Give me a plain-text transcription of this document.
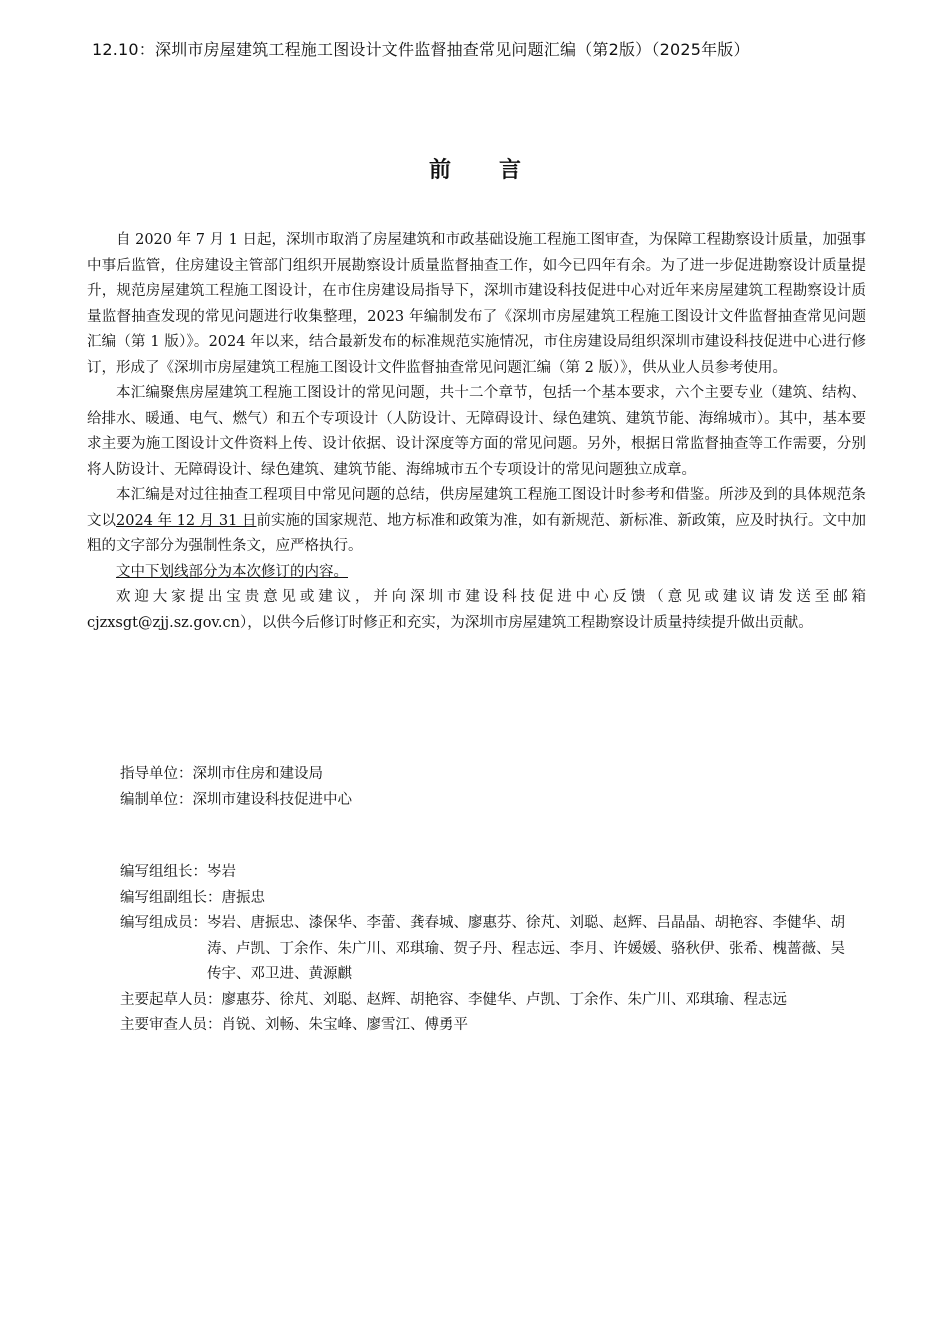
12.10：深圳市房屋建筑工程施工图设计文件监督抽查常见问题汇编（第2版）（2025年版）
前言

自 2020 年 7 月 1 日起，深圳市取消了房屋建筑和市政基础设施工程施工图审查，为保障工程勘察设计质量，加强事中事后监管，住房建设主管部门组织开展勘察设计质量监督抽查工作，如今已四年有余。为了进一步促进勘察设计质量提升，规范房屋建筑工程施工图设计，在市住房建设局指导下，深圳市建设科技促进中心对近年来房屋建筑工程勘察设计质量监督抽查发现的常见问题进行收集整理，2023 年编制发布了《深圳市房屋建筑工程施工图设计文件监督抽查常见问题汇编（第 1 版）》。2024 年以来，结合最新发布的标准规范实施情况，市住房建设局组织深圳市建设科技促进中心进行修订，形成了《深圳市房屋建筑工程施工图设计文件监督抽查常见问题汇编（第 2 版）》，供从业人员参考使用。

本汇编聚焦房屋建筑工程施工图设计的常见问题，共十二个章节，包括一个基本要求，六个主要专业（建筑、结构、给排水、暖通、电气、燃气）和五个专项设计（人防设计、无障碍设计、绿色建筑、建筑节能、海绵城市）。其中，基本要求主要为施工图设计文件资料上传、设计依据、设计深度等方面的常见问题。另外，根据日常监督抽查等工作需要，分别将人防设计、无障碍设计、绿色建筑、建筑节能、海绵城市五个专项设计的常见问题独立成章。

本汇编是对过往抽查工程项目中常见问题的总结，供房屋建筑工程施工图设计时参考和借鉴。所涉及到的具体规范条文以2024 年 12 月 31 日前实施的国家规范、地方标准和政策为准，如有新规范、新标准、新政策，应及时执行。文中加粗的文字部分为强制性条文，应严格执行。

文中下划线部分为本次修订的内容。

欢迎大家提出宝贵意见或建议，并向深圳市建设科技促进中心反馈（意见或建议请发送至邮箱 cjzxsgt@zjj.sz.gov.cn），以供今后修订时修正和充实，为深圳市房屋建筑工程勘察设计质量持续提升做出贡献。

指导单位： 深圳市住房和建设局
编制单位： 深圳市建设科技促进中心
编写组组长： 岑岩
编写组副组长： 唐振忠
编写组成员： 岑岩、唐振忠、漆保华、李蕾、龚春城、廖惠芬、徐芃、刘聪、赵辉、吕晶晶、胡艳容、李健华、胡涛、卢凯、丁余作、朱广川、邓琪瑜、贺子丹、程志远、李月、许媛媛、骆秋伊、张希、槐蔷薇、吴传宇、邓卫进、黄源麒
主要起草人员： 廖惠芬、徐芃、刘聪、赵辉、胡艳容、李健华、卢凯、丁余作、朱广川、邓琪瑜、程志远
主要审查人员： 肖锐、刘畅、朱宝峰、廖雪江、傅勇平
